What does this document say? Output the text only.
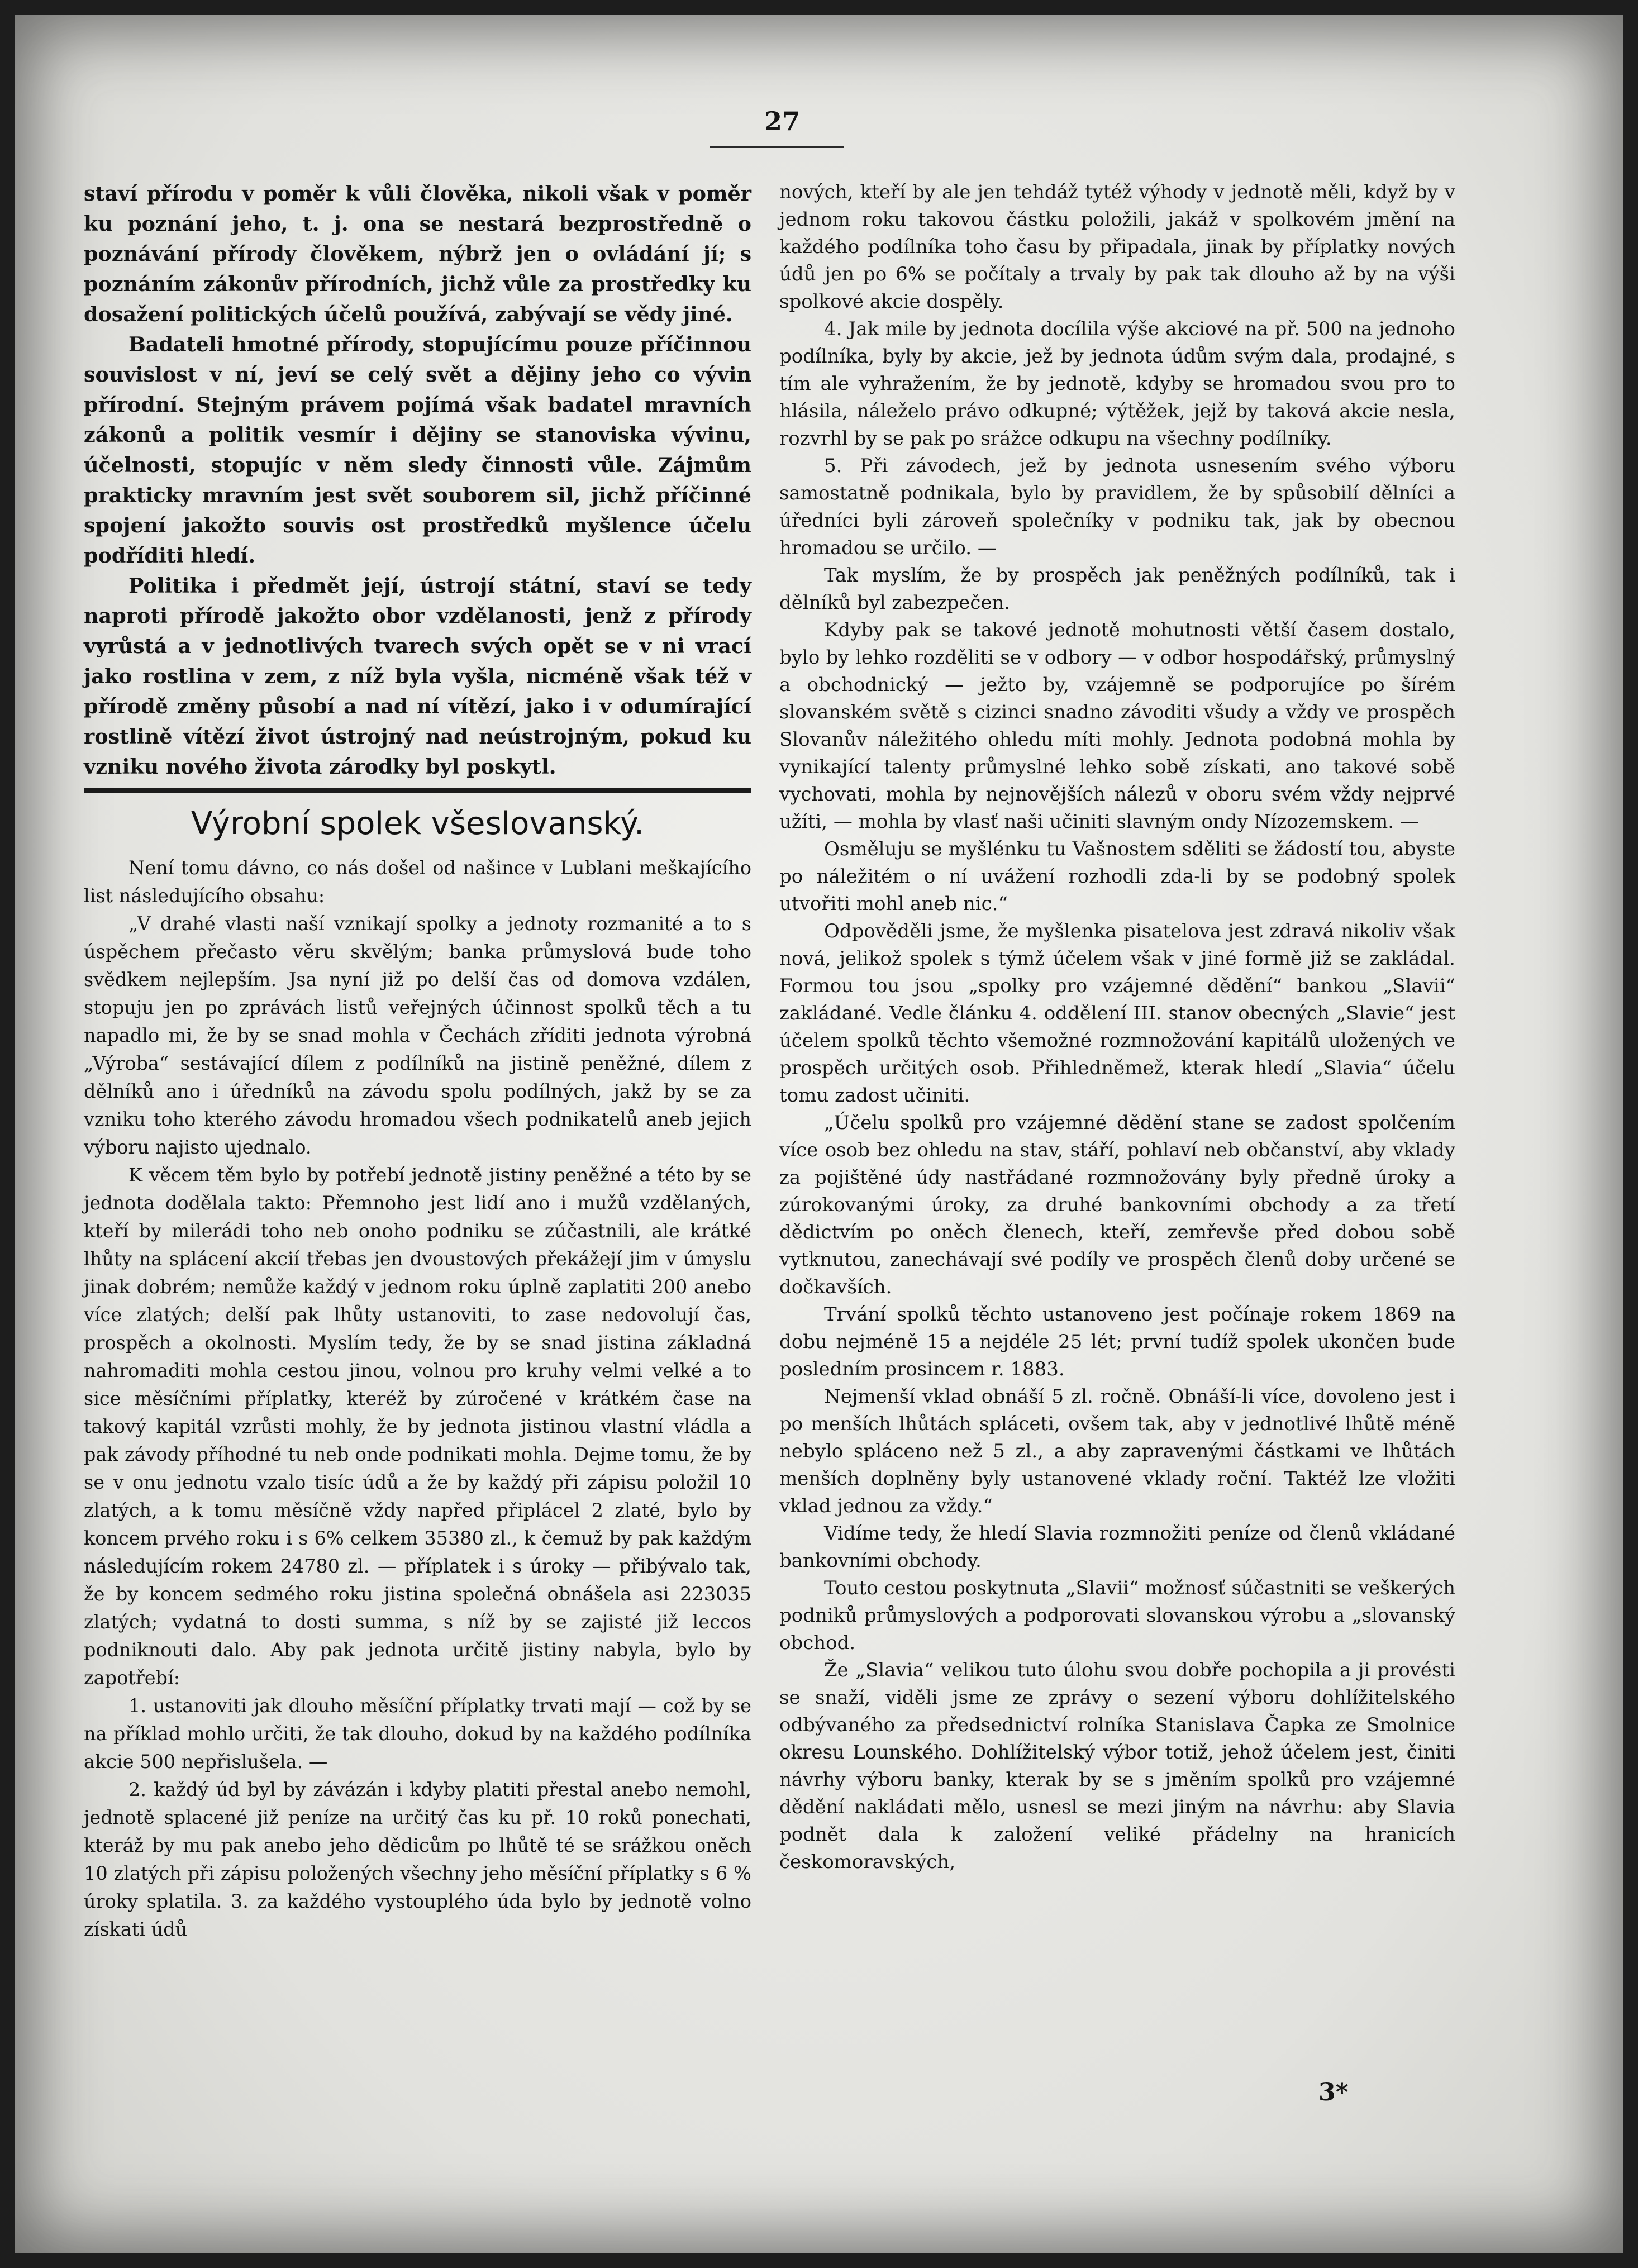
27

staví přírodu v poměr k vůli člověka, nikoli však v poměr ku poznání jeho, t. j. ona se nestará bezprostředně o poznávání přírody člověkem, nýbrž jen o ovládání jí; s poznáním zákonův přírodních, jichž vůle za prostředky ku dosažení politických účelů používá, zabývají se vědy jiné.

Badateli hmotné přírody, stopujícímu pouze příčinnou souvislost v ní, jeví se celý svět a dějiny jeho co vývin přírodní. Stejným právem pojímá však badatel mravních zákonů a politik vesmír i dějiny se stanoviska vývinu, účelnosti, stopujíc v něm sledy činnosti vůle. Zájmům prakticky mravním jest svět souborem sil, jichž příčinné spojení jakožto souvis ost prostředků myšlence účelu podříditi hledí.

Politika i předmět její, ústrojí státní, staví se tedy naproti přírodě jakožto obor vzdělanosti, jenž z přírody vyrůstá a v jednotlivých tvarech svých opět se v ni vrací jako rostlina v zem, z níž byla vyšla, nicméně však též v přírodě změny působí a nad ní vítězí, jako i v odumírající rostlině vítězí život ústrojný nad neústrojným, pokud ku vzniku nového života zárodky byl poskytl.

Výrobní spolek všeslovanský.

Není tomu dávno, co nás došel od našince v Lublani meškajícího list následujícího obsahu:

„V drahé vlasti naší vznikají spolky a jednoty rozmanité a to s úspěchem přečasto věru skvělým; banka průmyslová bude toho svědkem nejlepším. Jsa nyní již po delší čas od domova vzdálen, stopuju jen po zprávách listů veřejných účinnost spolků těch a tu napadlo mi, že by se snad mohla v Čechách zříditi jednota výrobná „Výroba“ sestávající dílem z podílníků na jistině peněžné, dílem z dělníků ano i úředníků na závodu spolu podílných, jakž by se za vzniku toho kterého závodu hromadou všech podnikatelů aneb jejich výboru najisto ujednalo.

K věcem těm bylo by potřebí jednotě jistiny peněžné a této by se jednota dodělala takto: Přemnoho jest lidí ano i mužů vzdělaných, kteří by milerádi toho neb onoho podniku se zúčastnili, ale krátké lhůty na splácení akcií třebas jen dvoustových překážejí jim v úmyslu jinak dobrém; nemůže každý v jednom roku úplně zaplatiti 200 anebo více zlatých; delší pak lhůty ustanoviti, to zase nedovolují čas, prospěch a okolnosti. Myslím tedy, že by se snad jistina základná nahromaditi mohla cestou jinou, volnou pro kruhy velmi velké a to sice měsíčními příplatky, kteréž by zúročené v krátkém čase na takový kapitál vzrůsti mohly, že by jednota jistinou vlastní vládla a pak závody příhodné tu neb onde podnikati mohla. Dejme tomu, že by se v onu jednotu vzalo tisíc údů a že by každý při zápisu položil 10 zlatých, a k tomu měsíčně vždy napřed připlácel 2 zlaté, bylo by koncem prvého roku i s 6% celkem 35380 zl., k čemuž by pak každým následujícím rokem 24780 zl. — příplatek i s úroky — přibývalo tak, že by koncem sedmého roku jistina společná obnášela asi 223035 zlatých; vydatná to dosti summa, s níž by se zajisté již leccos podniknouti dalo. Aby pak jednota určitě jistiny nabyla, bylo by zapotřebí:

1. ustanoviti jak dlouho měsíční příplatky trvati mají — což by se na příklad mohlo určiti, že tak dlouho, dokud by na každého podílníka akcie 500 nepřislušela. —

2. každý úd byl by závázán i kdyby platiti přestal anebo nemohl, jednotě splacené již peníze na určitý čas ku př. 10 roků ponechati, kteráž by mu pak anebo jeho dědicům po lhůtě té se srážkou oněch 10 zlatých při zápisu položených všechny jeho měsíční příplatky s 6 % úroky splatila. 3. za každého vystouplého úda bylo by jednotě volno získati údů

nových, kteří by ale jen tehdáž tytéž výhody v jednotě měli, když by v jednom roku takovou částku položili, jakáž v spolkovém jmění na každého podílníka toho času by připadala, jinak by příplatky nových údů jen po 6% se počítaly a trvaly by pak tak dlouho až by na výši spolkové akcie dospěly.

4. Jak mile by jednota docílila výše akciové na př. 500 na jednoho podílníka, byly by akcie, jež by jednota údům svým dala, prodajné, s tím ale vyhražením, že by jednotě, kdyby se hromadou svou pro to hlásila, náleželo právo odkupné; výtěžek, jejž by taková akcie nesla, rozvrhl by se pak po srážce odkupu na všechny podílníky.

5. Při závodech, jež by jednota usnesením svého výboru samostatně podnikala, bylo by pravidlem, že by spůsobilí dělníci a úředníci byli zároveň společníky v podniku tak, jak by obecnou hromadou se určilo. —

Tak myslím, že by prospěch jak peněžných podílníků, tak i dělníků byl zabezpečen.

Kdyby pak se takové jednotě mohutnosti větší časem dostalo, bylo by lehko rozděliti se v odbory — v odbor hospodářský, průmyslný a obchodnický — ježto by, vzájemně se podporujíce po šírém slovanském světě s cizinci snadno závoditi všudy a vždy ve prospěch Slovanův náležitého ohledu míti mohly. Jednota podobná mohla by vynikající talenty průmyslné lehko sobě získati, ano takové sobě vychovati, mohla by nejnovějších nálezů v oboru svém vždy nejprvé užíti, — mohla by vlasť naši učiniti slavným ondy Nízozemskem. —

Osměluju se myšlénku tu Vašnostem sděliti se žádostí tou, abyste po náležitém o ní uvážení rozhodli zda-li by se podobný spolek utvořiti mohl aneb nic.“

Odpověděli jsme, že myšlenka pisatelova jest zdravá nikoliv však nová, jelikož spolek s týmž účelem však v jiné formě již se zakládal. Formou tou jsou „spolky pro vzájemné dědění“ bankou „Slavii“ zakládané. Vedle článku 4. oddělení III. stanov obecných „Slavie“ jest účelem spolků těchto všemožné rozmnožování kapitálů uložených ve prospěch určitých osob. Přihledněmež, kterak hledí „Slavia“ účelu tomu zadost učiniti.

„Účelu spolků pro vzájemné dědění stane se zadost spolčením více osob bez ohledu na stav, stáří, pohlaví neb občanství, aby vklady za pojištěné údy nastřádané rozmnožovány byly předně úroky a zúrokovanými úroky, za druhé bankovními obchody a za třetí dědictvím po oněch členech, kteří, zemřevše před dobou sobě vytknutou, zanechávají své podíly ve prospěch členů doby určené se dočkavších.

Trvání spolků těchto ustanoveno jest počínaje rokem 1869 na dobu nejméně 15 a nejdéle 25 lét; první tudíž spolek ukončen bude posledním prosincem r. 1883.

Nejmenší vklad obnáší 5 zl. ročně. Obnáší-li více, dovoleno jest i po menších lhůtách spláceti, ovšem tak, aby v jednotlivé lhůtě méně nebylo spláceno než 5 zl., a aby zapravenými částkami ve lhůtách menších doplněny byly ustanovené vklady roční. Taktéž lze vložiti vklad jednou za vždy.“

Vidíme tedy, že hledí Slavia rozmnožiti peníze od členů vkládané bankovními obchody.

Touto cestou poskytnuta „Slavii“ možnosť súčastniti se veškerých podniků průmyslových a podporovati slovanskou výrobu a „slovanský obchod.

Že „Slavia“ velikou tuto úlohu svou dobře pochopila a ji provésti se snaží, viděli jsme ze zprávy o sezení výboru dohlížitelského odbývaného za předsednictví rolníka Stanislava Čapka ze Smolnice okresu Lounského. Dohlížitelský výbor totiž, jehož účelem jest, činiti návrhy výboru banky, kterak by se s jměním spolků pro vzájemné dědění nakládati mělo, usnesl se mezi jiným na návrhu: aby Slavia podnět dala k založení veliké přádelny na hranicích českomoravských,

3*
